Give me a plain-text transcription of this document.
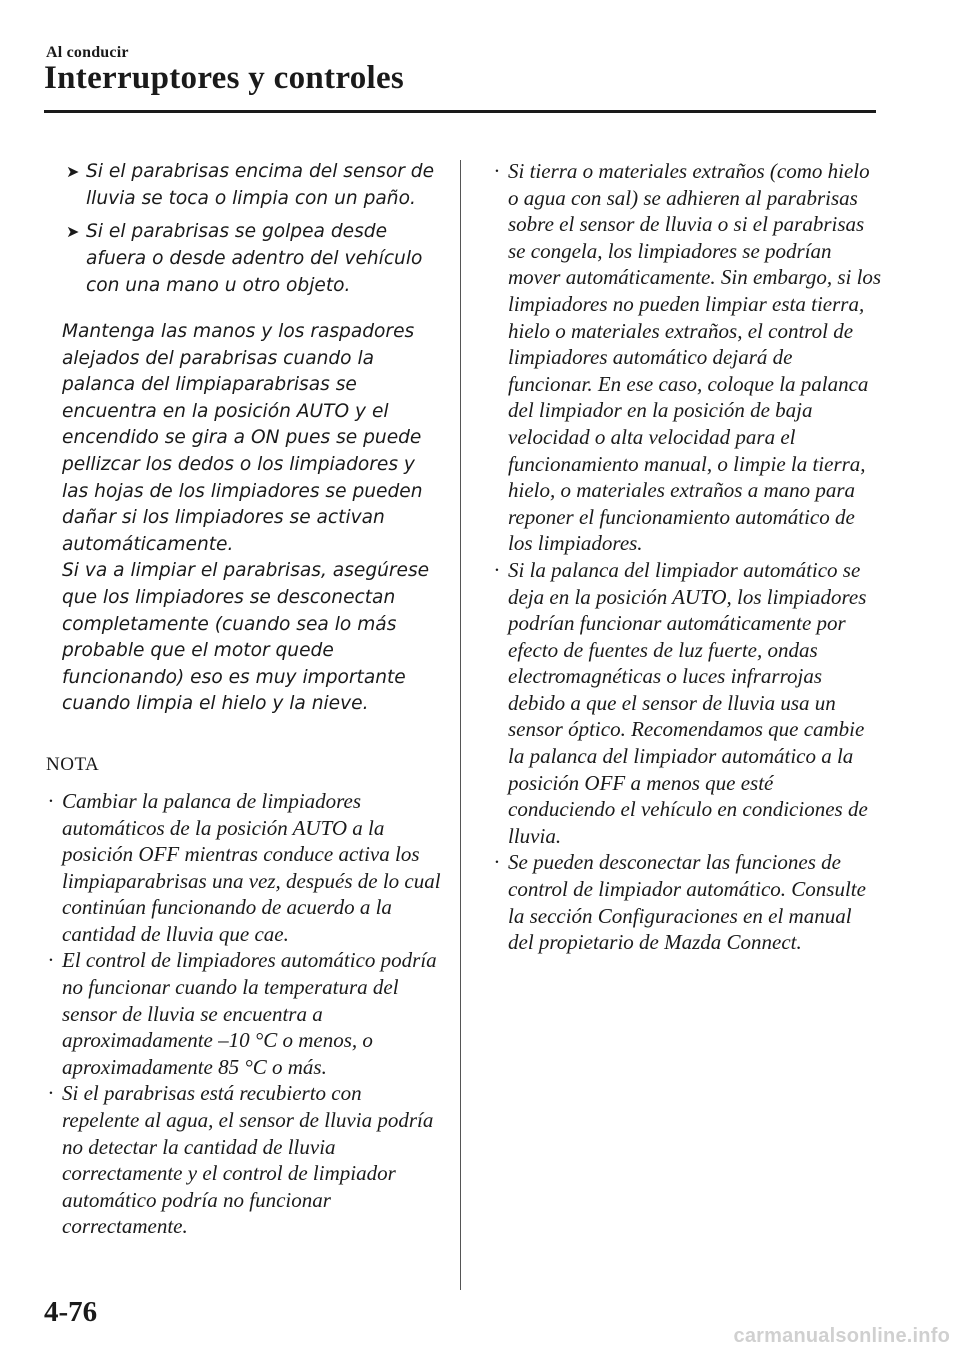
Al conducir
Interruptores y controles
➤ Si el parabrisas encima del sensor de lluvia se toca o limpia con un paño.
➤ Si el parabrisas se golpea desde afuera o desde adentro del vehículo con una mano u otro objeto.
Mantenga las manos y los raspadores alejados del parabrisas cuando la palanca del limpiaparabrisas se encuentra en la posición AUTO y el encendido se gira a ON pues se puede pellizcar los dedos o los limpiadores y las hojas de los limpiadores se pueden dañar si los limpiadores se activan automáticamente.
Si va a limpiar el parabrisas, asegúrese que los limpiadores se desconectan completamente (cuando sea lo más probable que el motor quede funcionando) eso es muy importante cuando limpia el hielo y la nieve.
NOTA
· Cambiar la palanca de limpiadores automáticos de la posición AUTO a la posición OFF mientras conduce activa los limpiaparabrisas una vez, después de lo cual continúan funcionando de acuerdo a la cantidad de lluvia que cae.
· El control de limpiadores automático podría no funcionar cuando la temperatura del sensor de lluvia se encuentra a aproximadamente –10 °C o menos, o aproximadamente 85 °C o más.
· Si el parabrisas está recubierto con repelente al agua, el sensor de lluvia podría no detectar la cantidad de lluvia correctamente y el control de limpiador automático podría no funcionar correctamente.
· Si tierra o materiales extraños (como hielo o agua con sal) se adhieren al parabrisas sobre el sensor de lluvia o si el parabrisas se congela, los limpiadores se podrían mover automáticamente. Sin embargo, si los limpiadores no pueden limpiar esta tierra, hielo o materiales extraños, el control de limpiadores automático dejará de funcionar. En ese caso, coloque la palanca del limpiador en la posición de baja velocidad o alta velocidad para el funcionamiento manual, o limpie la tierra, hielo, o materiales extraños a mano para reponer el funcionamiento automático de los limpiadores.
· Si la palanca del limpiador automático se deja en la posición AUTO, los limpiadores podrían funcionar automáticamente por efecto de fuentes de luz fuerte, ondas electromagnéticas o luces infrarrojas debido a que el sensor de lluvia usa un sensor óptico. Recomendamos que cambie la palanca del limpiador automático a la posición OFF a menos que esté conduciendo el vehículo en condiciones de lluvia.
· Se pueden desconectar las funciones de control de limpiador automático. Consulte la sección Configuraciones en el manual del propietario de Mazda Connect.
4-76
carmanualsonline.info
